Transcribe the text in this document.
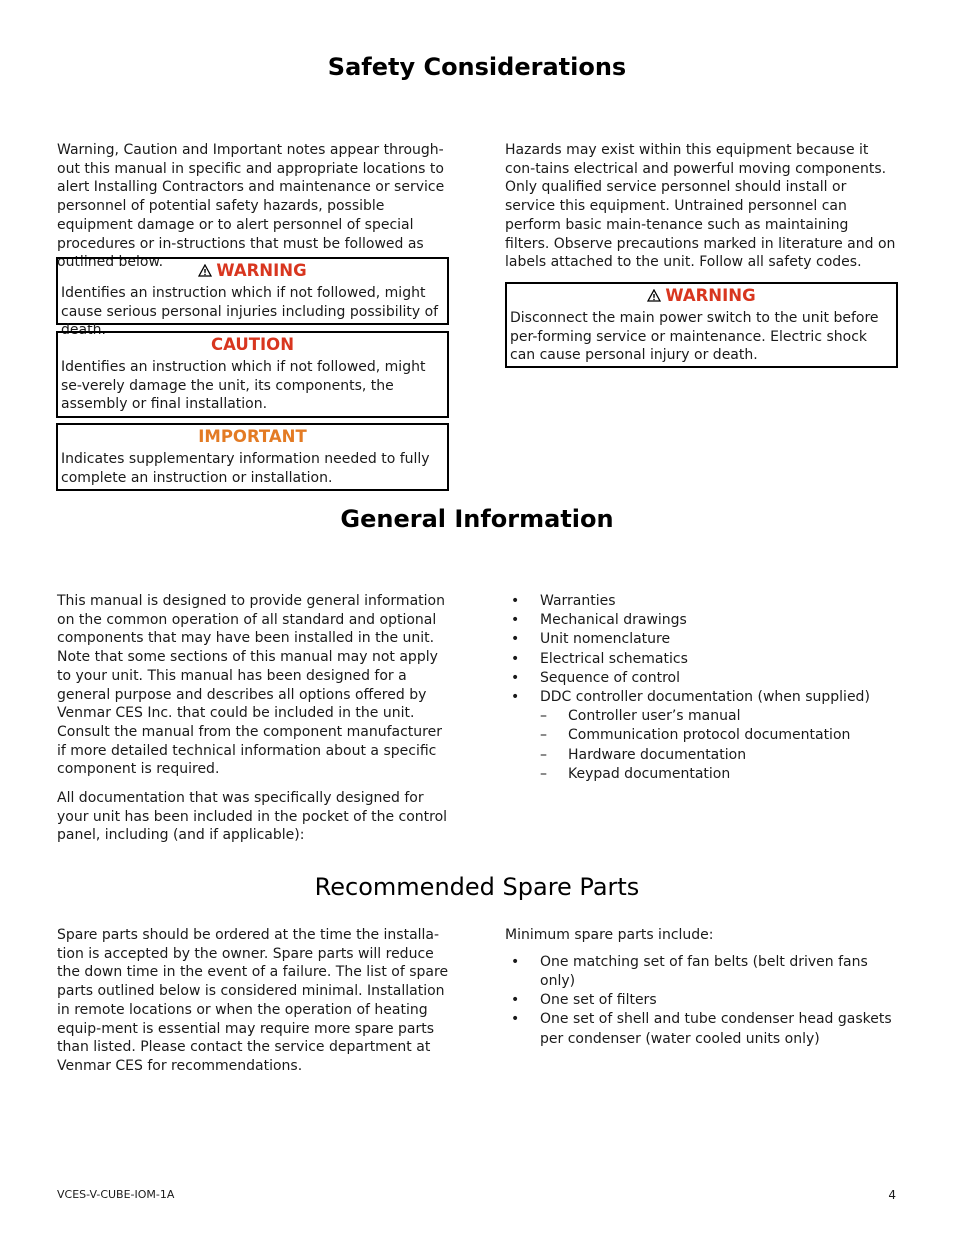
Safety Considerations

Warning, Caution and Important notes appear through-out this manual in specific and appropriate locations to alert Installing Contractors and maintenance or service personnel of potential safety hazards, possible equipment damage or to alert personnel of special procedures or in-structions that must be followed as outlined below.	WARNING
Identifies an instruction which if not followed, might cause serious personal injuries including possibility of death.
CAUTION
Identifies an instruction which if not followed, might se-verely damage the unit, its components, the assembly or final installation.
IMPORTANT
Indicates supplementary information needed to fully complete an instruction or installation.

Hazards may exist within this equipment because it con-tains electrical and powerful moving components. Only qualified service personnel should install or service this equipment. Untrained personnel can perform basic main-tenance such as maintaining filters. Observe precautions marked in literature and on labels attached to the unit. Follow all safety codes.

WARNING
Disconnect the main power switch to the unit before per-forming service or maintenance. Electric shock can cause personal injury or death.
General Information

This manual is designed to provide general information on the common operation of all standard and optional components that may have been installed in the unit. Note that some sections of this manual may not apply to your unit. This manual has been designed for a general purpose and describes all options offered by Venmar CES Inc. that could be included in the unit. Consult the manual from the component manufacturer if more detailed technical information about a specific component is required.

All documentation that was specifically designed for your unit has been included in the pocket of the control panel, including (and if applicable):

• Warranties
• Mechanical drawings
• Unit nomenclature
• Electrical schematics
• Sequence of control
• DDC controller documentation (when supplied)
– Controller user’s manual
– Communication protocol documentation
– Hardware documentation
– Keypad documentation
Recommended Spare Parts

Spare parts should be ordered at the time the installa-tion is accepted by the owner. Spare parts will reduce the down time in the event of a failure. The list of spare parts outlined below is considered minimal. Installation in remote locations or when the operation of heating equip-ment is essential may require more spare parts than listed. Please contact the service department at Venmar CES for recommendations.

Minimum spare parts include:

• One matching set of fan belts (belt driven fans only)
• One set of filters
• One set of shell and tube condenser head gaskets per condenser (water cooled units only)
VCES-V-CUBE-IOM-1A	4
